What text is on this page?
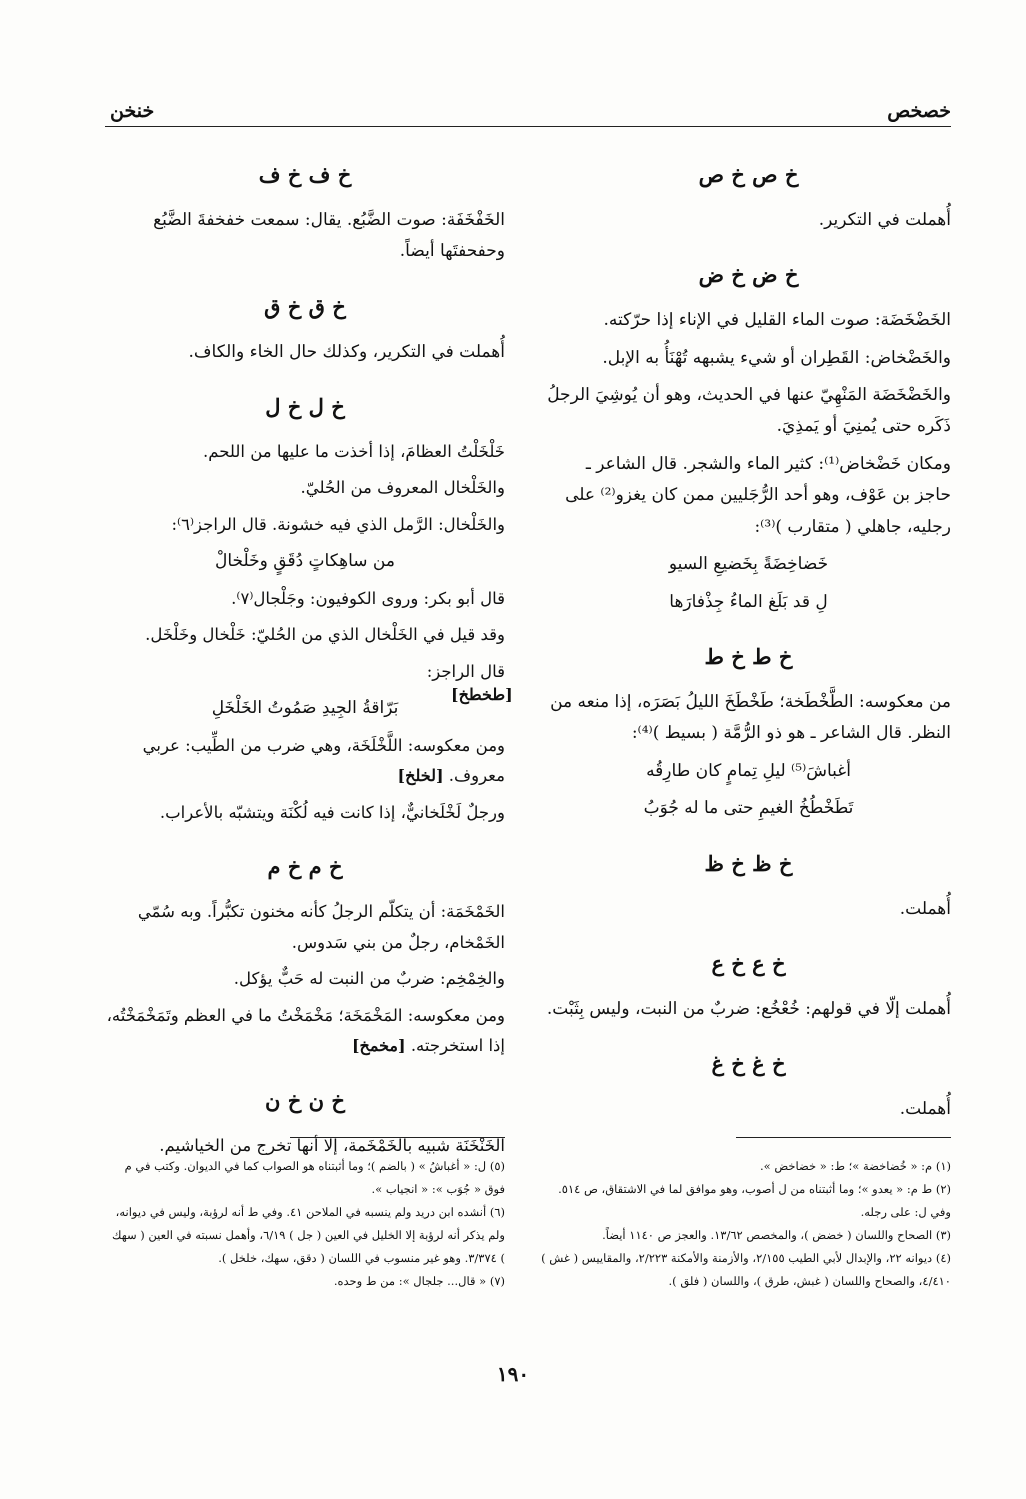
خصخص
خنخن
خ ص خ ص

أُهملت في التكرير.

خ ض خ ض

الخَضْخَضَة: صوت الماء القليل في الإناء إذا حرّكته.

والخَضْخاض: القَطِران أو شيء يشبهه تُهْنَأُ به الإبل.

والخَضْخَضَة المَنْهِيّ عنها في الحديث، وهو أن يُوشِيَ الرجلُ ذَكَره حتى يُمنِيَ أو يَمذِيَ.

ومكان خَضْخاض⁽¹⁾: كثير الماء والشجر. قال الشاعر ـ حاجز بن عَوْف، وهو أحد الرُّجَليين ممن كان يغزو⁽²⁾ على رجليه، جاهلي ( متقارب )⁽³⁾:

خَضاخِضَةً بِخَضيعِ السيو
لِ قد بَلَغ الماءُ جِذْفارَها
خ ط خ ط
[طخطخ] من معكوسه: الطَّخْطَخة؛ طَخْطَخَ الليلُ بَصَرَه، إذا منعه من النظر. قال الشاعر ـ هو ذو الرُّمَّة ( بسيط )⁽⁴⁾:

أغباشَ⁽⁵⁾ ليلِ تِمامٍ كان طارِقُه
تَطَخْطُخُ الغيمِ حتى ما له جُوَبُ
خ ظ خ ظ

أُهملت.

خ ع خ ع

أُهملت إلّا في قولهم: خُعْخُع: ضربٌ من النبت، وليس بِثَبْت.

خ غ خ غ

أُهملت.

خ ف خ ف

الخَفْخَفَة: صوت الضَّبُع. يقال: سمعت خفخفةَ الضَّبُع وحفحفتَها أيضاً.

خ ق خ ق

أُهملت في التكرير، وكذلك حال الخاء والكاف.

خ ل خ ل

خَلْخَلْتُ العظامَ، إذا أخذت ما عليها من اللحم.

والخَلْخال المعروف من الحُليّ.

والخَلْخال: الرَّمل الذي فيه خشونة. قال الراجز⁽٦⁾:

من ساهِكاتٍ دُقَقٍ وخَلْخالْ

قال أبو بكر: وروى الكوفيون: وجَلْجال⁽٧⁾.

وقد قيل في الخَلْخال الذي من الحُليّ: خَلْخال وخَلْخَل.

قال الراجز:

بَرّاقةُ الجِيدِ صَمُوتُ الخَلْخَلِ

ومن معكوسه: اللَّخْلَخَة، وهي ضرب من الطِّيب: عربي معروف. [لخلخ]

ورجلٌ لَخْلَخانيٌّ، إذا كانت فيه لُكْنَة ويتشبّه بالأعراب.

خ م خ م

الخَمْخَمَة: أن يتكلّم الرجلُ كأنه مخنون تكبُّراً. وبه سُمّي الخَمْخام، رجلٌ من بني سَدوس.

والخِمْخِم: ضربٌ من النبت له حَبٌّ يؤكل.

ومن معكوسه: المَخْمَخَة؛ مَخْمَخْتُ ما في العظم وتَمَخْمَخْتُه، إذا استخرجته. [مخمخ]

خ ن خ ن

الخَنْخَنَة شبيه بالخَمْخَمة، إلا أنها تخرج من الخياشيم.

(١) م: « خُضاخضة »؛ ط: « خضاخض ».

(٢) ط م: « يعدو »؛ وما أثبتناه من ل أصوب، وهو موافق لما في الاشتقاق، ص ٥١٤. وفي ل: على رجله.

(٣) الصحاح واللسان ( خضض )، والمخصص ١٣/٦٢. والعجز ص ١١٤٠ أيضاً.

(٤) ديوانه ٢٢، والإبدال لأبي الطيب ٢/١٥٥، والأزمنة والأمكنة ٢/٢٢٣، والمقاييس ( غش ) ٤/٤١٠، والصحاح واللسان ( غبش، طرق )، واللسان ( فلق ).

(٥) ل: « أغباشُ » ( بالضم )؛ وما أثبتناه هو الصواب كما في الديوان. وكتب في م فوق « جُوَب »: « انجياب ».

(٦) أنشده ابن دريد ولم ينسبه في الملاحن ٤١. وفي ط أنه لرؤبة، وليس في ديوانه، ولم يذكر أنه لرؤبة إلا الخليل في العين ( جل ) ٦/١٩، وأهمل نسبته في العين ( سهك ) ٣/٣٧٤. وهو غير منسوب في اللسان ( دقق، سهك، خلخل ).

(٧) « قال... جلجال »: من ط وحده.

١٩٠
